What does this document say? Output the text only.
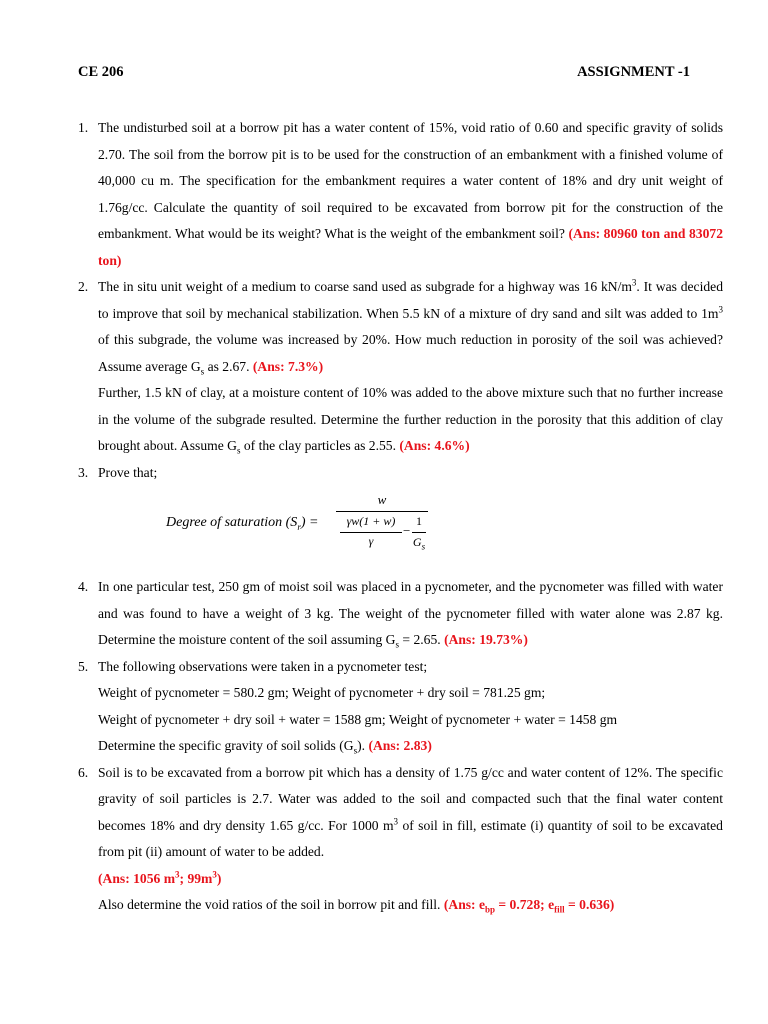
CE 206	ASSIGNMENT -1
1. The undisturbed soil at a borrow pit has a water content of 15%, void ratio of 0.60 and specific gravity of solids 2.70. The soil from the borrow pit is to be used for the construction of an embankment with a finished volume of 40,000 cu m. The specification for the embankment requires a water content of 18% and dry unit weight of 1.76g/cc. Calculate the quantity of soil required to be excavated from borrow pit for the construction of the embankment. What would be its weight? What is the weight of the embankment soil? (Ans: 80960 ton and 83072 ton)
2. The in situ unit weight of a medium to coarse sand used as subgrade for a highway was 16 $kN/m^3$. It was decided to improve that soil by mechanical stabilization. When 5.5 kN of a mixture of dry sand and silt was added to $1m^3$ of this subgrade, the volume was increased by 20%. How much reduction in porosity of the soil was achieved? Assume average $G_s$ as 2.67. (Ans: 7.3%)
Further, 1.5 kN of clay, at a moisture content of 10% was added to the above mixture such that no further increase in the volume of the subgrade resulted. Determine the further reduction in the porosity that this addition of clay brought about. Assume $G_s$ of the clay particles as 2.55. (Ans: 4.6%)
3. Prove that;
Degree of saturation $(S_r)$ =
w
γw(1 + w)
γ
−
1
$G_s$
4. In one particular test, 250 gm of moist soil was placed in a pycnometer, and the pycnometer was filled with water and was found to have a weight of 3 kg. The weight of the pycnometer filled with water alone was 2.87 kg. Determine the moisture content of the soil assuming $G_s = 2.65$. (Ans: 19.73%)
5. The following observations were taken in a pycnometer test;
Weight of pycnometer = 580.2 gm; Weight of pycnometer + dry soil = 781.25 gm;
Weight of pycnometer + dry soil + water = 1588 gm; Weight of pycnometer + water = 1458 gm
Determine the specific gravity of soil solids $(G_s)$. (Ans: 2.83)
6. Soil is to be excavated from a borrow pit which has a density of 1.75 g/cc and water content of 12%. The specific gravity of soil particles is 2.7. Water was added to the soil and compacted such that the final water content becomes 18% and dry density 1.65 g/cc. For 1000 $m^3$ of soil in fill, estimate (i) quantity of soil to be excavated from pit (ii) amount of water to be added.
(Ans: 1056 $m^3$; $99m^3$)
Also determine the void ratios of the soil in borrow pit and fill. (Ans: $e_{bp} = 0.728$; $e_{fill} = 0.636$)
